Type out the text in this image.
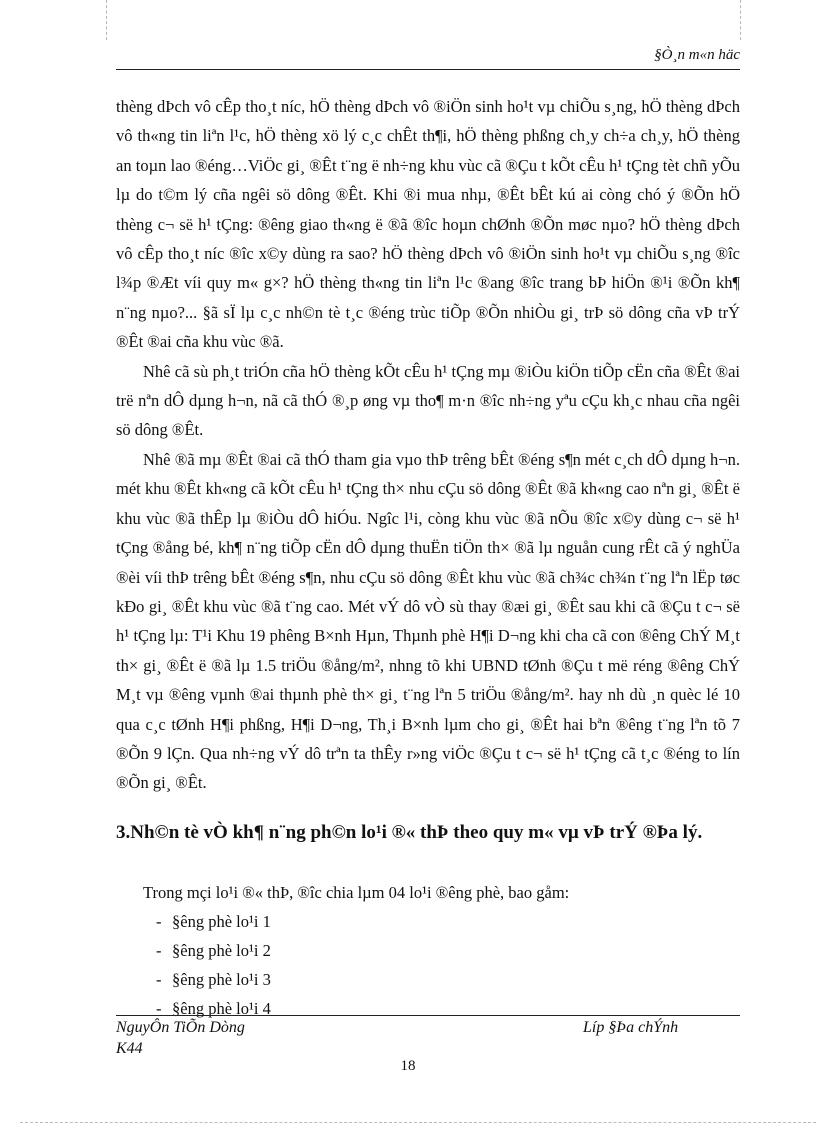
§Ò¸n m«n häc

thèng dÞch vô cÊp tho¸t níc, hÖ thèng dÞch vô ®iÖn sinh ho¹t vµ chiÕu s¸ng, hÖ thèng dÞch vô th«ng tin liªn l¹c, hÖ thèng xö lý c¸c chÊt th¶i, hÖ thèng phßng ch¸y ch÷a ch¸y, hÖ thèng an toµn lao ®éng…ViÖc gi¸ ®Êt t¨ng ë nh÷ng khu vùc cã ®Çu t kÕt cÊu h¹ tÇng tèt chñ yÕu lµ do t©m lý cña ngêi sö dông ®Êt. Khi ®i mua nhµ, ®Êt bÊt kú ai còng chó ý ®Õn hÖ thèng c¬ së h¹ tÇng: ®êng giao th«ng ë ®ã ®îc hoµn chØnh ®Õn møc nµo? hÖ thèng dÞch vô cÊp tho¸t níc ®îc x©y dùng ra sao? hÖ thèng dÞch vô ®iÖn sinh ho¹t vµ chiÕu s¸ng ®îc l¾p ®Æt víi quy m« g×? hÖ thèng th«ng tin liªn l¹c ®ang ®îc trang bÞ hiÖn ®¹i ®Õn kh¶ n¨ng nµo?... §ã sÏ lµ c¸c nh©n tè t¸c ®éng trùc tiÕp ®Õn nhiÒu gi¸ trÞ sö dông cña vÞ trÝ ®Êt ®ai cña khu vùc ®ã.

Nhê cã sù ph¸t triÓn cña hÖ thèng kÕt cÊu h¹ tÇng mµ ®iÒu kiÖn tiÕp cËn cña ®Êt ®ai trë nªn dÔ dµng h¬n, nã cã thÓ ®¸p øng vµ tho¶ m·n ®îc nh÷ng yªu cÇu kh¸c nhau cña ngêi sö dông ®Êt.

Nhê ®ã mµ ®Êt ®ai cã thÓ tham gia vµo thÞ trêng bÊt ®éng s¶n mét c¸ch dÔ dµng h¬n. mét khu ®Êt kh«ng cã kÕt cÊu h¹ tÇng th× nhu cÇu sö dông ®Êt ®ã kh«ng cao nªn gi¸ ®Êt ë khu vùc ®ã thÊp lµ ®iÒu dÔ hiÓu. Ngîc l¹i, còng khu vùc ®ã nÕu ®îc x©y dùng c¬ së h¹ tÇng ®ång bé, kh¶ n¨ng tiÕp cËn dÔ dµng thuËn tiÖn th× ®ã lµ nguån cung rÊt cã ý nghÜa ®èi víi thÞ trêng bÊt ®éng s¶n, nhu cÇu sö dông ®Êt khu vùc ®ã ch¾c ch¾n t¨ng lªn lËp tøc kÐo gi¸ ®Êt khu vùc ®ã t¨ng cao. Mét vÝ dô vÒ sù thay ®æi gi¸ ®Êt sau khi cã ®Çu t c¬ së h¹ tÇng lµ: T¹i Khu 19 phêng B×nh Hµn, Thµnh phè H¶i D¬ng khi cha cã con ®êng ChÝ M¸t th× gi¸ ®Êt ë ®ã lµ 1.5 triÖu ®ång/m², nhng tõ khi UBND tØnh ®Çu t më réng ®êng ChÝ M¸t vµ ®êng vµnh ®ai thµnh phè th× gi¸ t¨ng lªn 5 triÖu ®ång/m². hay nh dù ¸n quèc lé 10 qua c¸c tØnh H¶i phßng, H¶i D¬ng, Th¸i B×nh lµm cho gi¸ ®Êt hai bªn ®êng t¨ng lªn tõ 7 ®Õn 9 lÇn. Qua nh÷ng vÝ dô trªn ta thÊy r»ng viÖc ®Çu t c¬ së h¹ tÇng cã t¸c ®éng to lín ®Õn gi¸ ®Êt.

3.Nh©n tè vÒ kh¶ n¨ng ph©n lo¹i ®« thÞ theo quy m« vµ vÞ trÝ ®Þa lý.
Trong mçi lo¹i ®« thÞ, ®îc chia lµm 04 lo¹i ®êng phè, bao gåm:
- §êng phè lo¹i 1
- §êng phè lo¹i 2
- §êng phè lo¹i 3
- §êng phè lo¹i 4
NguyÔn TiÕn Dòng
K44
Líp §Þa chÝnh
18
